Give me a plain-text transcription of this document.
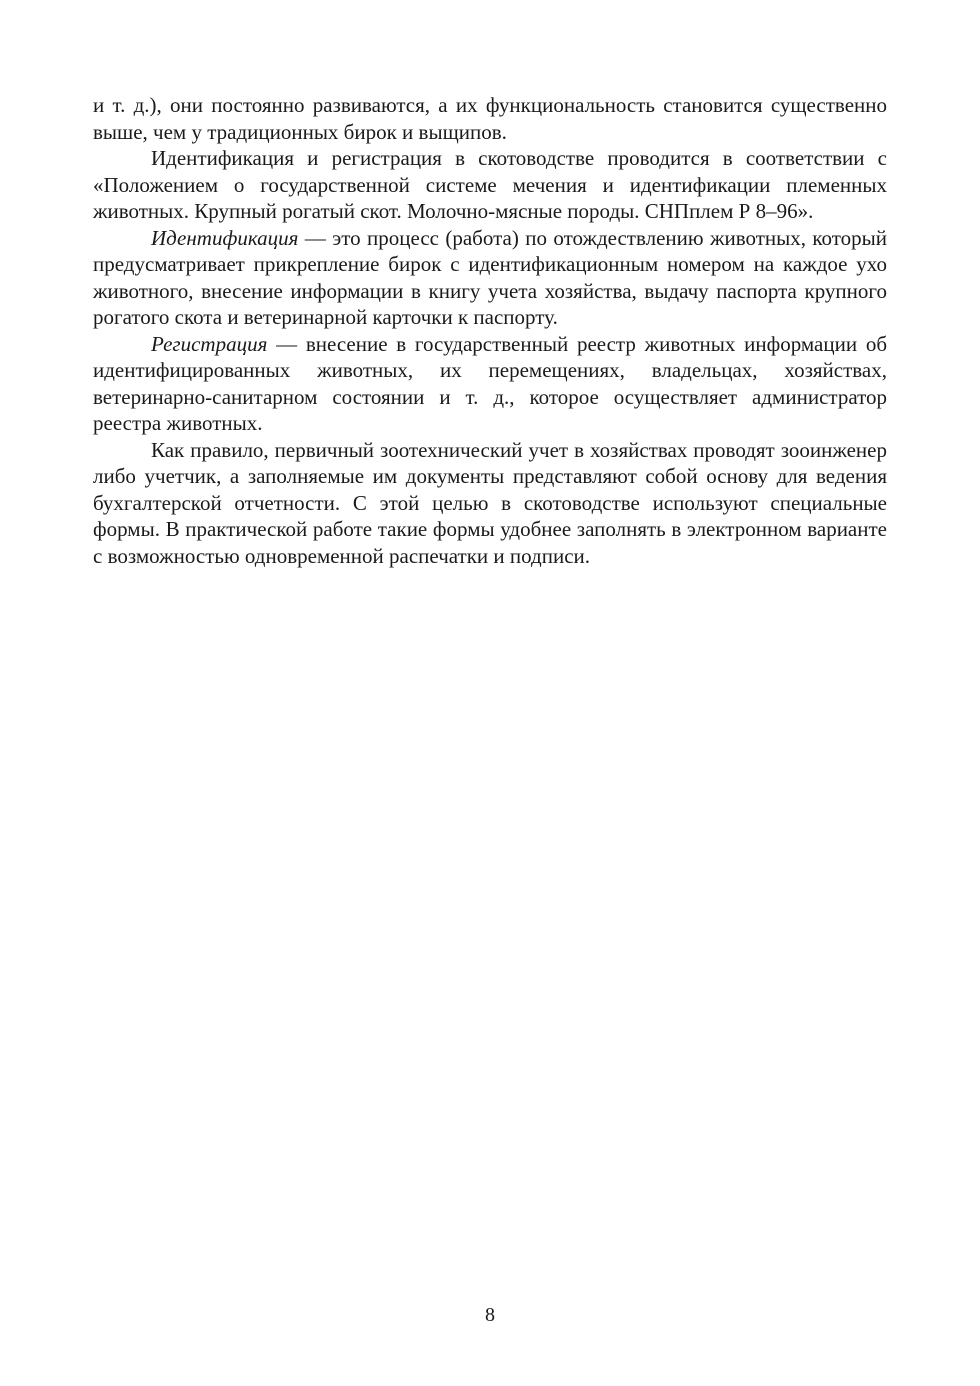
и т. д.), они постоянно развиваются, а их функциональность становится существенно выше, чем у традиционных бирок и выщипов.

Идентификация и регистрация в скотоводстве проводится в соответствии с «Положением о государственной системе мечения и идентификации племенных животных. Крупный рогатый скот. Молочно-мясные породы. СНПплем Р 8–96».

Идентификация — это процесс (работа) по отождествлению животных, который предусматривает прикрепление бирок с идентификационным номером на каждое ухо животного, внесение информации в книгу учета хозяйства, выдачу паспорта крупного рогатого скота и ветеринарной карточки к паспорту.

Регистрация — внесение в государственный реестр животных информации об идентифицированных животных, их перемещениях, владельцах, хозяйствах, ветеринарно-санитарном состоянии и т. д., которое осуществляет администратор реестра животных.

Как правило, первичный зоотехнический учет в хозяйствах проводят зооинженер либо учетчик, а заполняемые им документы представляют собой основу для ведения бухгалтерской отчетности. С этой целью в скотоводстве используют специальные формы. В практической работе такие формы удобнее заполнять в электронном варианте с возможностью одновременной распечатки и подписи.

8
